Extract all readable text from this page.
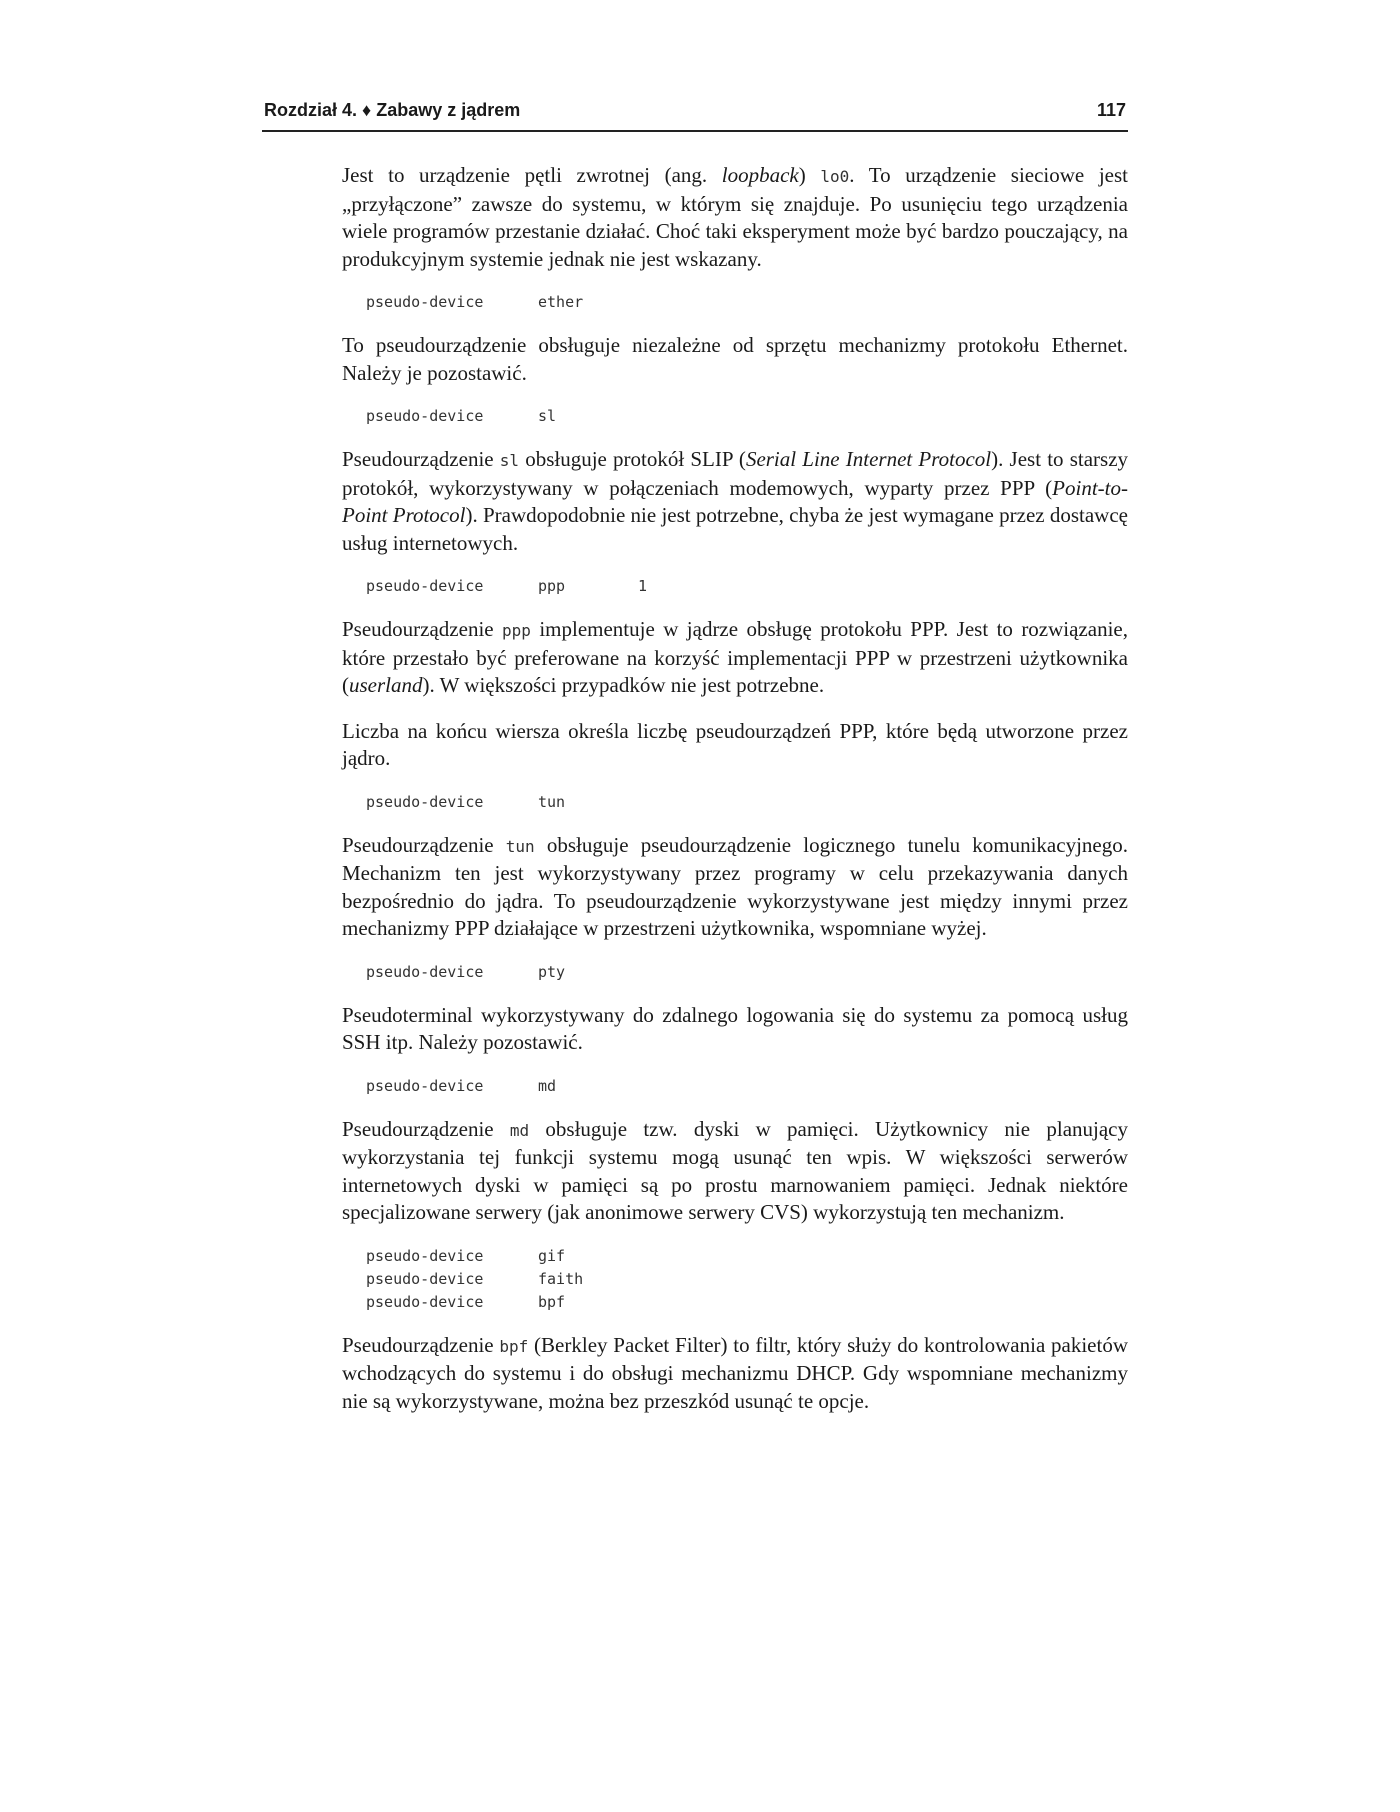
Rozdział 4. ♦ Zabawy z jądrem	117

Jest to urządzenie pętli zwrotnej (ang. loopback) lo0. To urządzenie sieciowe jest „przyłączone” zawsze do systemu, w którym się znajduje. Po usunięciu tego urządzenia wiele programów przestanie działać. Choć taki eksperyment może być bardzo pouczający, na produkcyjnym systemie jednak nie jest wskazany.

pseudo-device	ether

To pseudourządzenie obsługuje niezależne od sprzętu mechanizmy protokołu Ethernet. Należy je pozostawić.

pseudo-device	sl

Pseudourządzenie sl obsługuje protokół SLIP (Serial Line Internet Protocol). Jest to starszy protokół, wykorzystywany w połączeniach modemowych, wyparty przez PPP (Point-to-Point Protocol). Prawdopodobnie nie jest potrzebne, chyba że jest wymagane przez dostawcę usług internetowych.

pseudo-device	ppp	1

Pseudourządzenie ppp implementuje w jądrze obsługę protokołu PPP. Jest to rozwiązanie, które przestało być preferowane na korzyść implementacji PPP w przestrzeni użytkownika (userland). W większości przypadków nie jest potrzebne.

Liczba na końcu wiersza określa liczbę pseudourządzeń PPP, które będą utworzone przez jądro.

pseudo-device	tun

Pseudourządzenie tun obsługuje pseudourządzenie logicznego tunelu komunikacyjnego. Mechanizm ten jest wykorzystywany przez programy w celu przekazywania danych bezpośrednio do jądra. To pseudourządzenie wykorzystywane jest między innymi przez mechanizmy PPP działające w przestrzeni użytkownika, wspomniane wyżej.

pseudo-device	pty

Pseudoterminal wykorzystywany do zdalnego logowania się do systemu za pomocą usług SSH itp. Należy pozostawić.

pseudo-device	md

Pseudourządzenie md obsługuje tzw. dyski w pamięci. Użytkownicy nie planujący wykorzystania tej funkcji systemu mogą usunąć ten wpis. W większości serwerów internetowych dyski w pamięci są po prostu marnowaniem pamięci. Jednak niektóre specjalizowane serwery (jak anonimowe serwery CVS) wykorzystują ten mechanizm.

pseudo-device	gif
pseudo-device	faith
pseudo-device	bpf

Pseudourządzenie bpf (Berkley Packet Filter) to filtr, który służy do kontrolowania pakietów wchodzących do systemu i do obsługi mechanizmu DHCP. Gdy wspomniane mechanizmy nie są wykorzystywane, można bez przeszkód usunąć te opcje.
